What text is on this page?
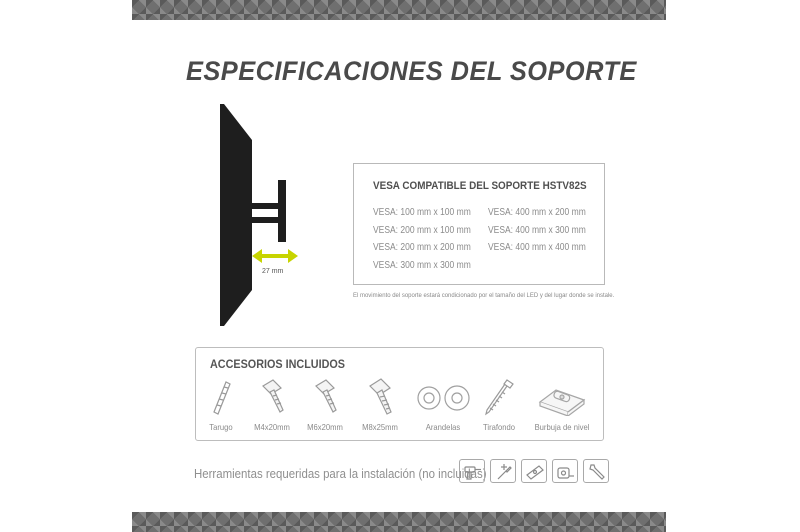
ESPECIFICACIONES DEL SOPORTE
27 mm
VESA COMPATIBLE DEL SOPORTE HSTV82S
VESA: 100 mm x 100 mm
VESA: 200 mm x 100 mm
VESA: 200 mm x 200 mm
VESA: 300 mm x 300 mm
VESA: 400 mm x 200 mm
VESA: 400 mm x 300 mm
VESA: 400 mm x 400 mm
El movimiento del soporte estará condicionado por el tamaño del LED y del lugar donde se instale.
ACCESORIOS INCLUIDOS
Tarugo	M4x20mm M6x20mm M8x25mm	Arandelas	Tirafondo	Burbuja de nivel
Herramientas requeridas para la instalación (no incluidas)
